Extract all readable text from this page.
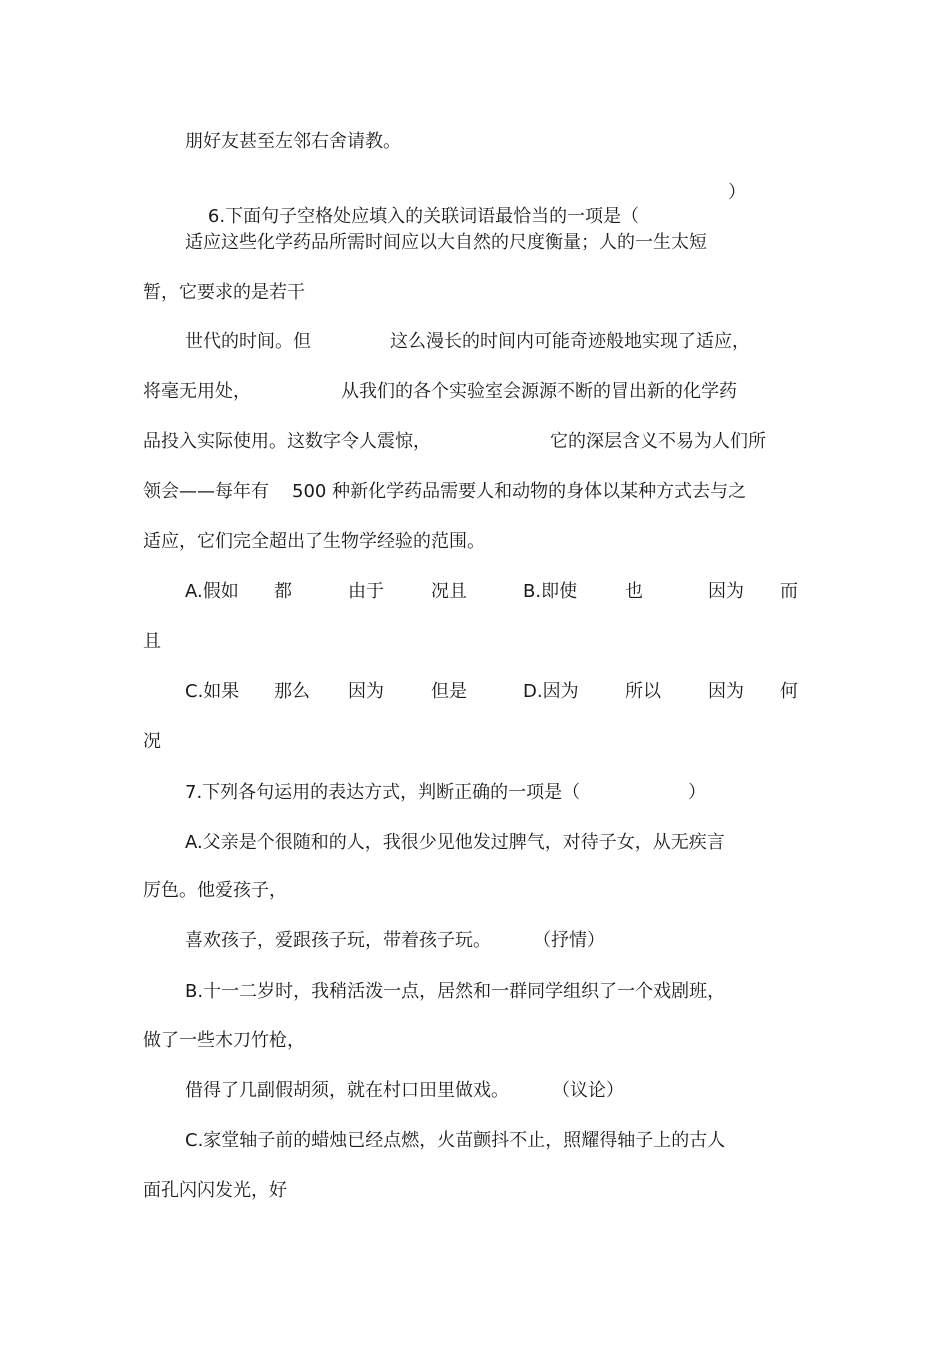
朋好友甚至左邻右舍请教。

6.下面句子空格处应填入的关联词语最恰当的一项是（

）
适应这些化学药品所需时间应以大自然的尺度衡量；人的一生太短
暂，它要求的是若干
世代的时间。但	这么漫长的时间内可能奇迹般地实现了适应，
将毫无用处，	从我们的各个实验室会源源不断的冒出新的化学药
品投入实际使用。这数字令人震惊，	它的深层含义不易为人们所
领会——每年有 500 种新化学药品需要人和动物的身体以某种方式去与之
适应，它们完全超出了生物学经验的范围。
A.假如 都	由于	况且	B.即使	也	因为 而
且
C.如果 那么 因为	但是	D.因为	所以	因为 何
况
7.下列各句运用的表达方式，判断正确的一项是（	）
A.父亲是个很随和的人，我很少见他发过脾气，对待子女，从无疾言
厉色。他爱孩子，
喜欢孩子，爱跟孩子玩，带着孩子玩。 （抒情）
B.十一二岁时，我稍活泼一点，居然和一群同学组织了一个戏剧班，
做了一些木刀竹枪，
借得了几副假胡须，就在村口田里做戏。 （议论）
C.家堂轴子前的蜡烛已经点燃，火苗颤抖不止，照耀得轴子上的古人
面孔闪闪发光，好
